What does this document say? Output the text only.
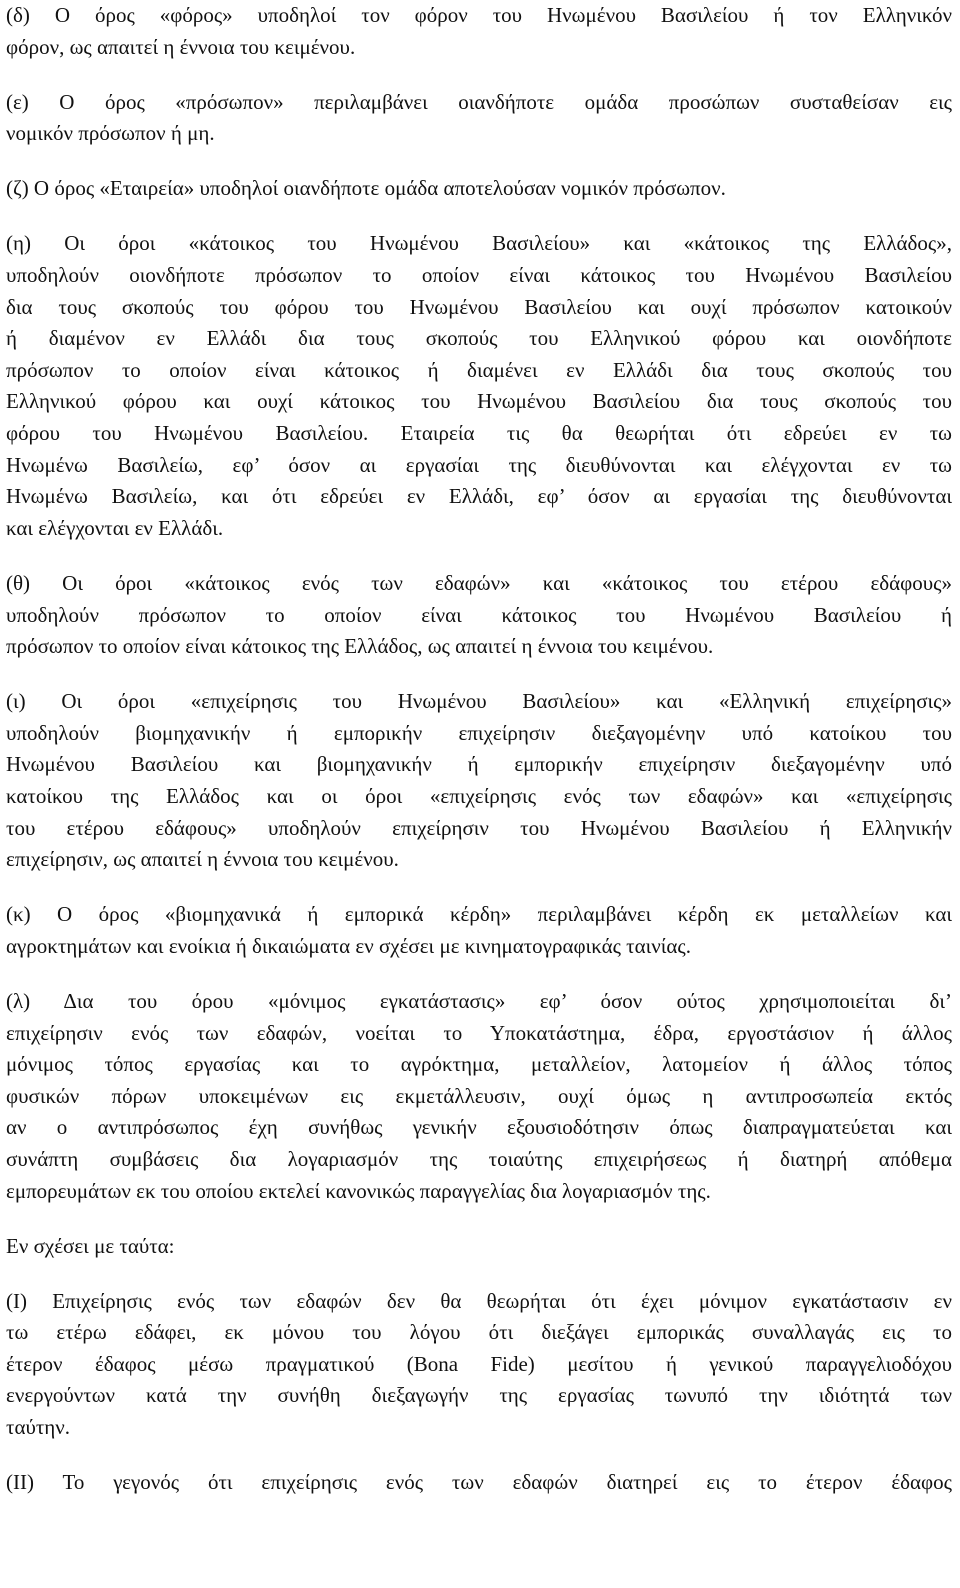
(δ) Ο όρος «φόρος» υποδηλοί τον φόρον του Ηνωμένου Βασιλείου ή τον Ελληνικόν
φόρον, ως απαιτεί η έννοια του κειμένου.
(ε) Ο όρος «πρόσωπον» περιλαμβάνει οιανδήποτε ομάδα προσώπων συσταθείσαν εις
νομικόν πρόσωπον ή μη.
(ζ) Ο όρος «Εταιρεία» υποδηλοί οιανδήποτε ομάδα αποτελούσαν νομικόν πρόσωπον.
(η) Οι όροι «κάτοικος του Ηνωμένου Βασιλείου» και «κάτοικος της Ελλάδος»,
υποδηλούν οιονδήποτε πρόσωπον το οποίον είναι κάτοικος του Ηνωμένου Βασιλείου
δια τους σκοπούς του φόρου του Ηνωμένου Βασιλείου και ουχί πρόσωπον κατοικούν
ή διαμένον εν Ελλάδι δια τους σκοπούς του Ελληνικού φόρου και οιονδήποτε
πρόσωπον το οποίον είναι κάτοικος ή διαμένει εν Ελλάδι δια τους σκοπούς του
Ελληνικού φόρου και ουχί κάτοικος του Ηνωμένου Βασιλείου δια τους σκοπούς του
φόρου του Ηνωμένου Βασιλείου. Εταιρεία τις θα θεωρήται ότι εδρεύει εν τω
Ηνωμένω Βασιλείω, εφ’ όσον αι εργασίαι της διευθύνονται και ελέγχονται εν τω
Ηνωμένω Βασιλείω, και ότι εδρεύει εν Ελλάδι, εφ’ όσον αι εργασίαι της διευθύνονται
και ελέγχονται εν Ελλάδι.
(θ) Οι όροι «κάτοικος ενός των εδαφών» και «κάτοικος του ετέρου εδάφους»
υποδηλούν πρόσωπον το οποίον είναι κάτοικος του Ηνωμένου Βασιλείου ή
πρόσωπον το οποίον είναι κάτοικος της Ελλάδος, ως απαιτεί η έννοια του κειμένου.
(ι) Οι όροι «επιχείρησις του Ηνωμένου Βασιλείου» και «Ελληνική επιχείρησις»
υποδηλούν βιομηχανικήν ή εμπορικήν επιχείρησιν διεξαγομένην υπό κατοίκου του
Ηνωμένου Βασιλείου και βιομηχανικήν ή εμπορικήν επιχείρησιν διεξαγομένην υπό
κατοίκου της Ελλάδος και οι όροι «επιχείρησις ενός των εδαφών» και «επιχείρησις
του ετέρου εδάφους» υποδηλούν επιχείρησιν του Ηνωμένου Βασιλείου ή Ελληνικήν
επιχείρησιν, ως απαιτεί η έννοια του κειμένου.
(κ) Ο όρος «βιομηχανικά ή εμπορικά κέρδη» περιλαμβάνει κέρδη εκ μεταλλείων και
αγροκτημάτων και ενοίκια ή δικαιώματα εν σχέσει με κινηματογραφικάς ταινίας.
(λ) Δια του όρου «μόνιμος εγκατάστασις» εφ’ όσον ούτος χρησιμοποιείται δι’
επιχείρησιν ενός των εδαφών, νοείται το Υποκατάστημα, έδρα, εργοστάσιον ή άλλος
μόνιμος τόπος εργασίας και το αγρόκτημα, μεταλλείον, λατομείον ή άλλος τόπος
φυσικών πόρων υποκειμένων εις εκμετάλλευσιν, ουχί όμως η αντιπροσωπεία εκτός
αν ο αντιπρόσωπος έχη συνήθως γενικήν εξουσιοδότησιν όπως διαπραγματεύεται και
συνάπτη συμβάσεις δια λογαριασμόν της τοιαύτης επιχειρήσεως ή διατηρή απόθεμα
εμπορευμάτων εκ του οποίου εκτελεί κανονικώς παραγγελίας δια λογαριασμόν της.
Εν σχέσει με ταύτα:
(Ι) Επιχείρησις ενός των εδαφών δεν θα θεωρήται ότι έχει μόνιμον εγκατάστασιν εν
τω ετέρω εδάφει, εκ μόνου του λόγου ότι διεξάγει εμπορικάς συναλλαγάς εις το
έτερον έδαφος μέσω πραγματικού (Bona Fide) μεσίτου ή γενικού παραγγελιοδόχου
ενεργούντων κατά την συνήθη διεξαγωγήν της εργασίας τωνυπό την ιδιότητά των
ταύτην.
(ΙΙ) Το γεγονός ότι επιχείρησις ενός των εδαφών διατηρεί εις το έτερον έδαφος
